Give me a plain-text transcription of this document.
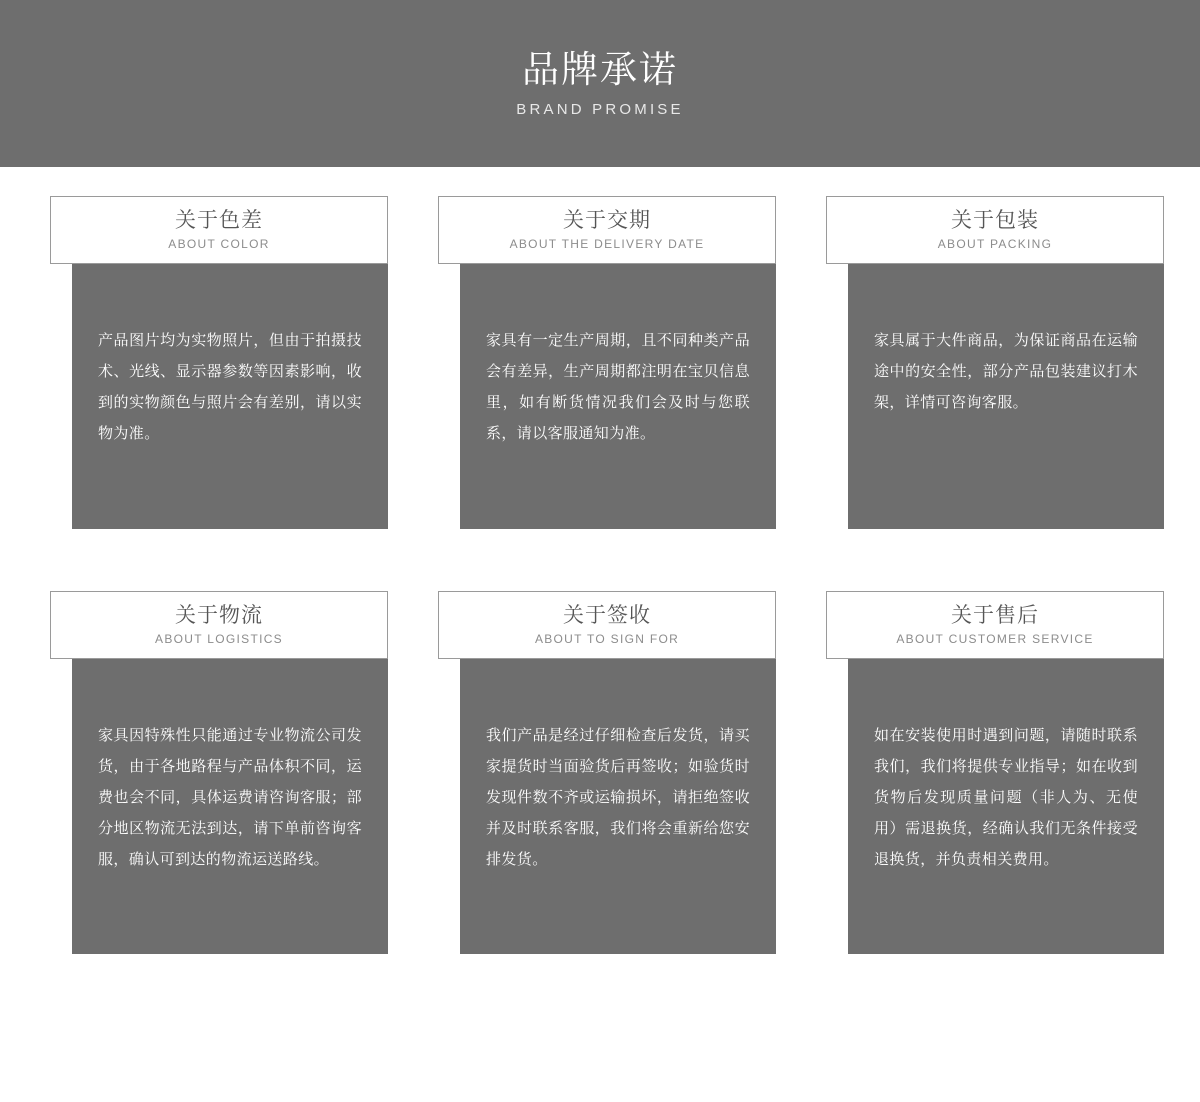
品牌承诺
BRAND PROMISE
关于色差
ABOUT COLOR

产品图片均为实物照片，但由于拍摄技术、光线、显示器参数等因素影响，收到的实物颜色与照片会有差别，请以实物为准。

关于交期
ABOUT THE DELIVERY DATE

家具有一定生产周期，且不同种类产品会有差异，生产周期都注明在宝贝信息里，如有断货情况我们会及时与您联系，请以客服通知为准。

关于包装
ABOUT PACKING

家具属于大件商品，为保证商品在运输途中的安全性，部分产品包装建议打木架，详情可咨询客服。

关于物流
ABOUT LOGISTICS

家具因特殊性只能通过专业物流公司发货，由于各地路程与产品体积不同，运费也会不同，具体运费请咨询客服；部分地区物流无法到达，请下单前咨询客服，确认可到达的物流运送路线。

关于签收
ABOUT TO SIGN FOR

我们产品是经过仔细检查后发货，请买家提货时当面验货后再签收；如验货时发现件数不齐或运输损坏，请拒绝签收并及时联系客服，我们将会重新给您安排发货。

关于售后
ABOUT CUSTOMER SERVICE

如在安装使用时遇到问题，请随时联系我们，我们将提供专业指导；如在收到货物后发现质量问题（非人为、无使用）需退换货，经确认我们无条件接受退换货，并负责相关费用。
